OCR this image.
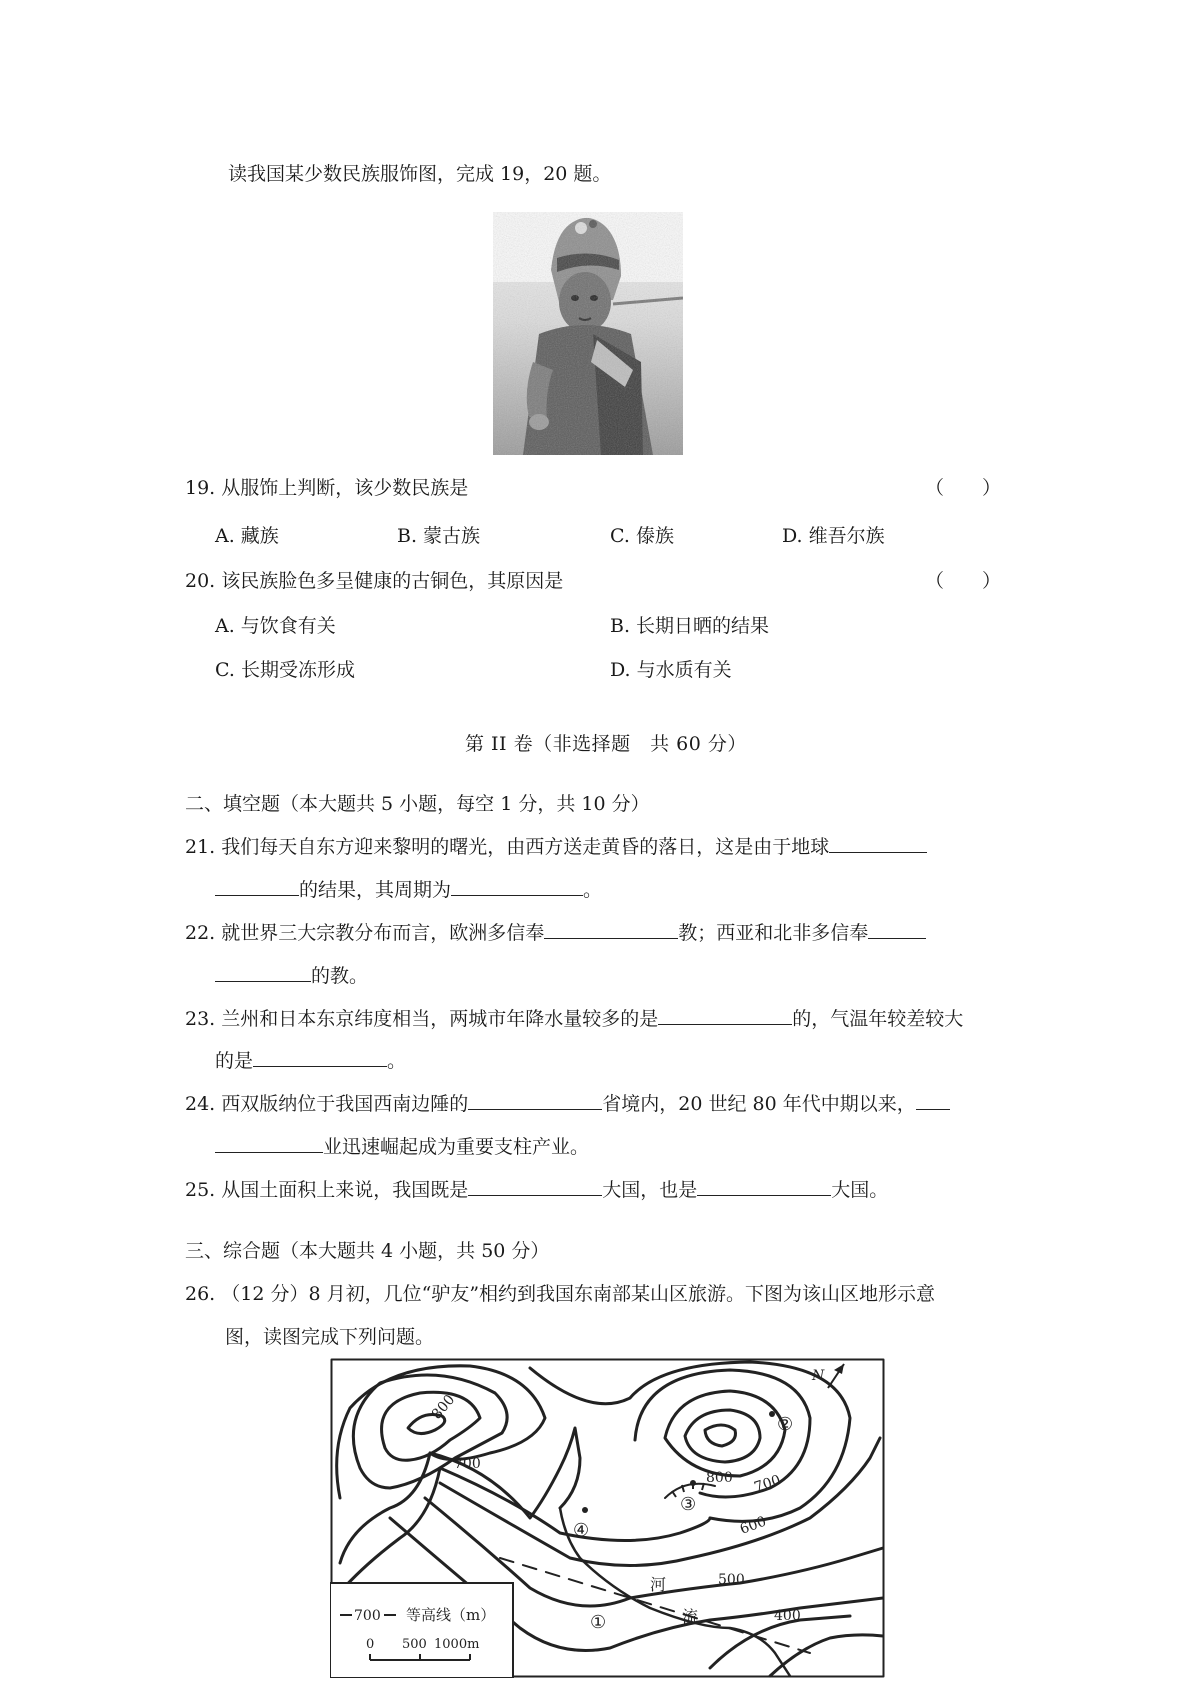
读我国某少数民族服饰图，完成 19，20 题。
19. 从服饰上判断，该少数民族是	（　　）
A. 藏族	B. 蒙古族	C. 傣族	D. 维吾尔族
20. 该民族脸色多呈健康的古铜色，其原因是	（　　）
A. 与饮食有关	B. 长期日晒的结果
C. 长期受冻形成	D. 与水质有关
第 II 卷（非选择题　共 60 分）
二、填空题（本大题共 5 小题，每空 1 分，共 10 分）
21. 我们每天自东方迎来黎明的曙光，由西方送走黄昏的落日，这是由于地球
的结果，其周期为	。
22. 就世界三大宗教分布而言，欧洲多信奉	教；西亚和北非多信奉
的教。
23. 兰州和日本东京纬度相当，两城市年降水量较多的是	的，气温年较差较大
的是	。
24. 西双版纳位于我国西南边陲的	省境内，20 世纪 80 年代中期以来，
业迅速崛起成为重要支柱产业。
25. 从国土面积上来说，我国既是	大国，也是	大国。
三、综合题（本大题共 4 小题，共 50 分）
26. （12 分）8 月初，几位“驴友”相约到我国东南部某山区旅游。下图为该山区地形示意
图，读图完成下列问题。
N
800
700
800 700
600
500
400
①
②
③
④
河
流
700 等高线（m）
0 500 1000m
